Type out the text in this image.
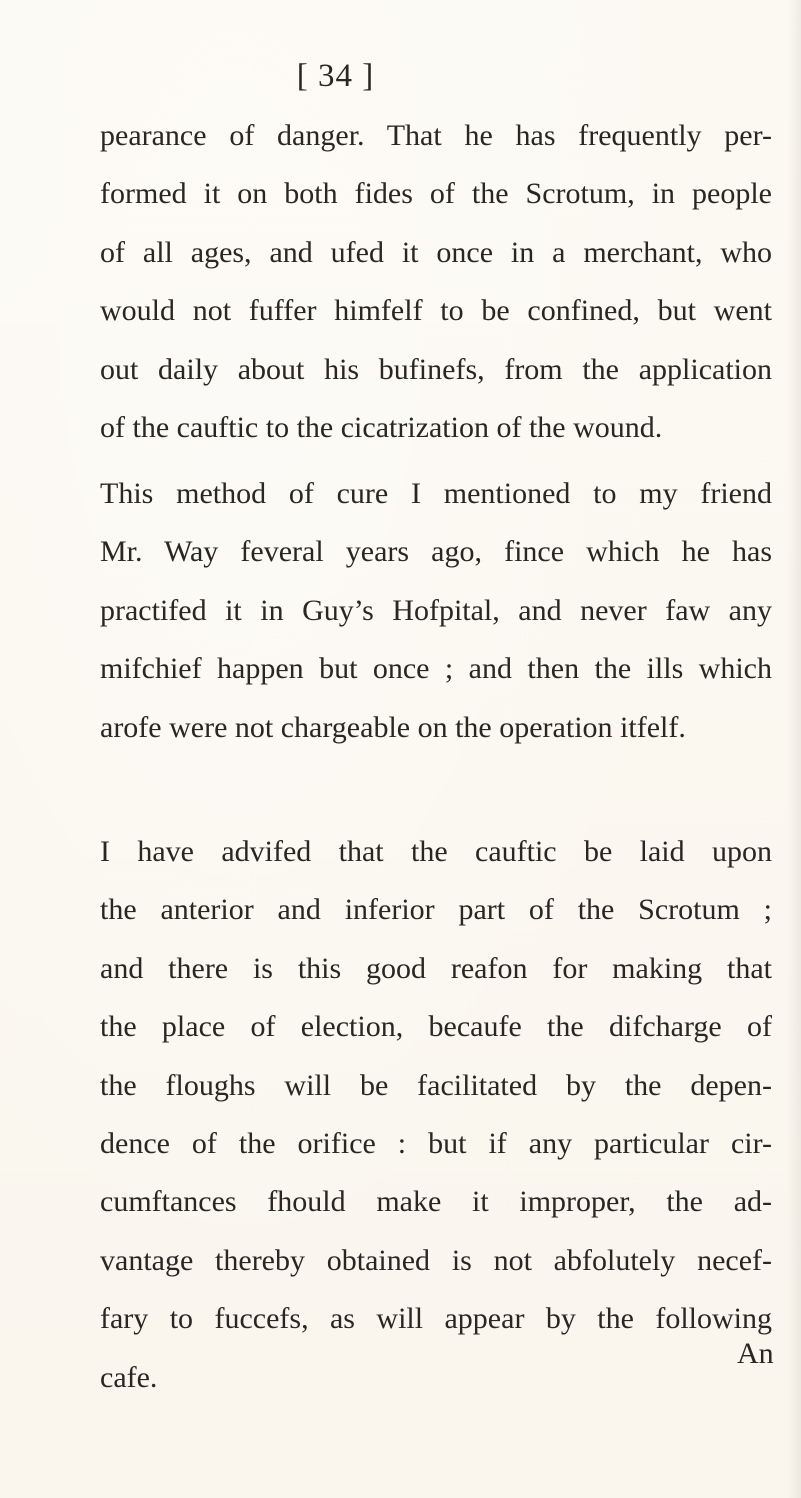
[ 34 ]
pearance of danger. That he has frequently per-
formed it on both fides of the Scrotum, in people
of all ages, and ufed it once in a merchant, who
would not fuffer himfelf to be confined, but went
out daily about his bufinefs, from the application
of the cauftic to the cicatrization of the wound.
This method of cure I mentioned to my friend
Mr. Way feveral years ago, fince which he has
practifed it in Guy’s Hofpital, and never faw any
mifchief happen but once ; and then the ills which
arofe were not chargeable on the operation itfelf.
I have advifed that the cauftic be laid upon
the anterior and inferior part of the Scrotum ;
and there is this good reafon for making that
the place of election, becaufe the difcharge of
the floughs will be facilitated by the depen-
dence of the orifice : but if any particular cir-
cumftances fhould make it improper, the ad-
vantage thereby obtained is not abfolutely necef-
fary to fuccefs, as will appear by the following
cafe.
An
